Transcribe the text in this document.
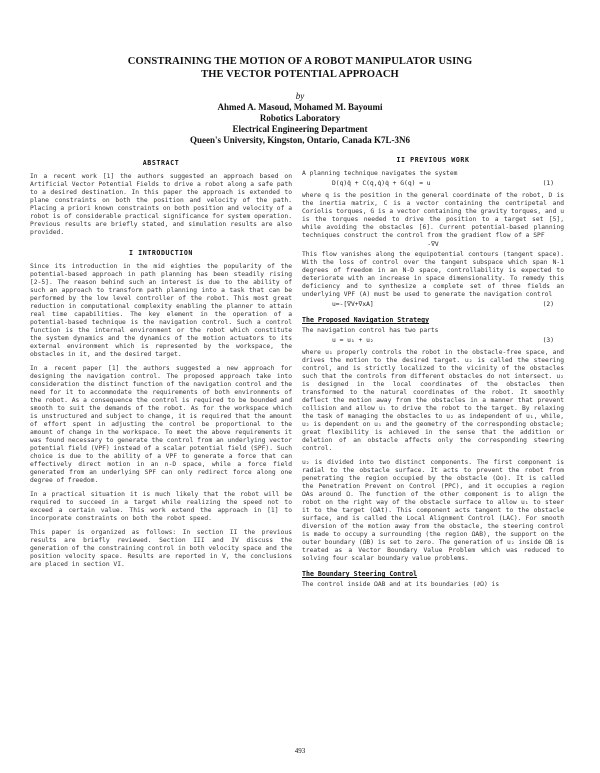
CONSTRAINING THE MOTION OF A ROBOT MANIPULATOR USING
THE VECTOR POTENTIAL APPROACH
by
Ahmed A. Masoud, Mohamed M. Bayoumi
Robotics Laboratory
Electrical Engineering Department
Queen's University, Kingston, Ontario, Canada K7L-3N6
ABSTRACT

In a recent work [1] the authors suggested an approach based on Artificial Vector Potential Fields to drive a robot along a safe path to a desired destination. In this paper the approach is extended to plane constraints on both the position and velocity of the path. Placing a priori known constraints on both position and velocity of a robot is of considerable practical significance for system operation. Previous results are briefly stated, and simulation results are also provided.

I INTRODUCTION

Since its introduction in the mid eighties the popularity of the potential-based approach in path planning has been steadily rising [2-5]. The reason behind such an interest is due to the ability of such an approach to transform path planning into a task that can be performed by the low level controller of the robot. This most great reduction in computational complexity enabling the planner to attain real time capabilities. The key element in the operation of a potential-based technique is the navigation control. Such a control function is the internal environment or the robot which constitute the system dynamics and the dynamics of the motion actuators to its external environment which is represented by the workspace, the obstacles in it, and the desired target.

In a recent paper [1] the authors suggested a new approach for designing the navigation control. The proposed approach take into consideration the distinct function of the navigation control and the need for it to accommodate the requirements of both environments of the robot. As a consequence the control is required to be bounded and smooth to suit the demands of the robot. As for the workspace which is unstructured and subject to change, it is required that the amount of effort spent in adjusting the control be proportional to the amount of change in the workspace. To meet the above requirements it was found necessary to generate the control from an underlying vector potential field (VPF) instead of a scalar potential field (SPF). Such choice is due to the ability of a VPF to generate a force that can effectively direct motion in an n-D space, while a force field generated from an underlying SPF can only redirect force along one degree of freedom.

In a practical situation it is much likely that the robot will be required to succeed in a target while realizing the speed not to exceed a certain value. This work extend the approach in [1] to incorporate constraints on both the robot speed.

This paper is organized as follows: In section II the previous results are briefly reviewed. Section III and IV discuss the generation of the constraining control in both velocity space and the position velocity space. Results are reported in V, the conclusions are placed in section VI.

II PREVIOUS WORK

A planning technique navigates the system

D(q)q̈ + C(q,q̇)q̇ + G(q) = u	(1)

where q is the position in the general coordinate of the robot, D is the inertia matrix, C is a vector containing the centripetal and Coriolis torques, G is a vector containing the gravity torques, and u is the torques needed to drive the position to a target set [5], while avoiding the obstacles [6]. Current potential-based planning techniques construct the control from the gradient flow of a SPF

-∇V

This flow vanishes along the equipotential contours (tangent space). With the loss of control over the tangent subspace which span N-1 degrees of freedom in an N-D space, controllability is expected to deteriorate with an increase in space dimensionality. To remedy this deficiency and to synthesize a complete set of three fields an underlying VPF (A) must be used to generate the navigation control

u=-[∇V+∇xA]	(2)
The Proposed Navigation Strategy

The navigation control has two parts

u = u₁ + u₂	(3)

where u₁ properly controls the robot in the obstacle-free space, and drives the motion to the desired target. u₂ is called the steering control, and is strictly localized to the vicinity of the obstacles such that the controls from different obstacles do not intersect. u₂ is designed in the local coordinates of the obstacles then transformed to the natural coordinates of the robot. It smoothly deflect the motion away from the obstacles in a manner that prevent collision and allow u₁ to drive the robot to the target. By relaxing the task of managing the obstacles to u₂ as independent of u₁, while, u₂ is dependent on u₁ and the geometry of the corresponding obstacle; great flexibility is achieved in the sense that the addition or deletion of an obstacle affects only the corresponding steering control.

u₂ is divided into two distinct components. The first component is radial to the obstacle surface. It acts to prevent the robot from penetrating the region occupied by the obstacle (Ωo). It is called the Penetration Prevent on Control (PPC), and it occupies a region ΩAs around Ω. The function of the other component is to align the robot on the right way of the obstacle surface to allow u₁ to steer it to the target (ΩAt). This component acts tangent to the obstacle surface, and is called the Local Alignment Control (LAC). For smooth diversion of the motion away from the obstacle, the steering control is made to occupy a surrounding (the region ΩAB), the support on the outer boundary (ΩB) is set to zero. The generation of u₂ inside ΩB is treated as a Vector Boundary Value Problem which was reduced to solving four scalar boundary value problems.

The Boundary Steering Control

The control inside ΩAB and at its boundaries (∂Ω) is

493
